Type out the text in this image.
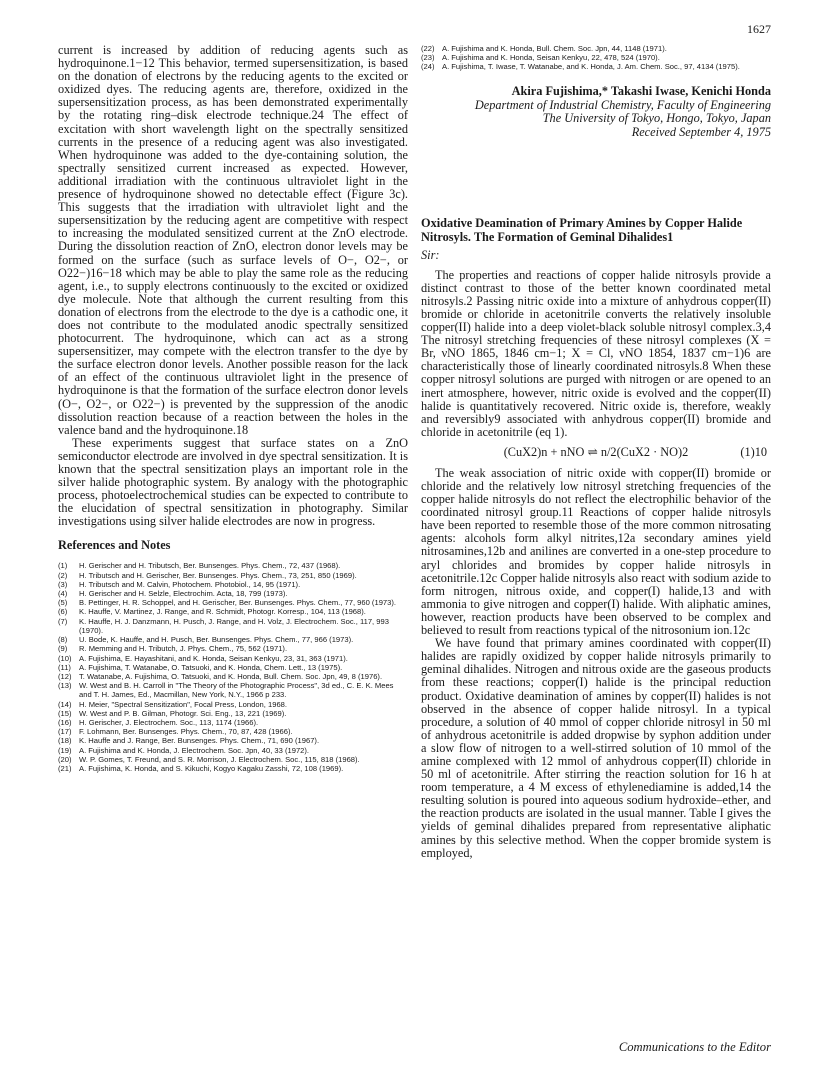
1627

current is increased by addition of reducing agents such as hydroquinone.1−12 This behavior, termed supersensitization, is based on the donation of electrons by the reducing agents to the excited or oxidized dyes. The reducing agents are, therefore, oxidized in the supersensitization process, as has been demonstrated experimentally by the rotating ring–disk electrode technique.24 The effect of excitation with short wavelength light on the spectrally sensitized currents in the presence of a reducing agent was also investigated. When hydroquinone was added to the dye-containing solution, the spectrally sensitized current increased as expected. However, additional irradiation with the continuous ultraviolet light in the presence of hydroquinone showed no detectable effect (Figure 3c). This suggests that the irradiation with ultraviolet light and the supersensitization by the reducing agent are competitive with respect to increasing the modulated sensitized current at the ZnO electrode. During the dissolution reaction of ZnO, electron donor levels may be formed on the surface (such as surface levels of O−, O2−, or O22−)16−18 which may be able to play the same role as the reducing agent, i.e., to supply electrons continuously to the excited or oxidized dye molecule. Note that although the current resulting from this donation of electrons from the electrode to the dye is a cathodic one, it does not contribute to the modulated anodic spectrally sensitized photocurrent. The hydroquinone, which can act as a strong supersensitizer, may compete with the electron transfer to the dye by the surface electron donor levels. Another possible reason for the lack of an effect of the continuous ultraviolet light in the presence of hydroquinone is that the formation of the surface electron donor levels (O−, O2−, or O22−) is prevented by the suppression of the anodic dissolution reaction because of a reaction between the holes in the valence band and the hydroquinone.18

These experiments suggest that surface states on a ZnO semiconductor electrode are involved in dye spectral sensitization. It is known that the spectral sensitization plays an important role in the silver halide photographic system. By analogy with the photographic process, photoelectrochemical studies can be expected to contribute to the elucidation of spectral sensitization in photography. Similar investigations using silver halide electrodes are now in progress.

References and Notes
(1) H. Gerischer and H. Tributsch, Ber. Bunsenges. Phys. Chem., 72, 437 (1968).
(2) H. Tributsch and H. Gerischer, Ber. Bunsenges. Phys. Chem., 73, 251, 850 (1969).
(3) H. Tributsch and M. Calvin, Photochem. Photobiol., 14, 95 (1971).
(4) H. Gerischer and H. Selzle, Electrochim. Acta, 18, 799 (1973).
(5) B. Pettinger, H. R. Schoppel, and H. Gerischer, Ber. Bunsenges. Phys. Chem., 77, 960 (1973).
(6) K. Hauffe, V. Martinez, J. Range, and R. Schmidt, Photogr. Korresp., 104, 113 (1968).
(7) K. Hauffe, H. J. Danzmann, H. Pusch, J. Range, and H. Volz, J. Electrochem. Soc., 117, 993 (1970).
(8) U. Bode, K. Hauffe, and H. Pusch, Ber. Bunsenges. Phys. Chem., 77, 966 (1973).
(9) R. Memming and H. Tributch, J. Phys. Chem., 75, 562 (1971).
(10) A. Fujishima, E. Hayashitani, and K. Honda, Seisan Kenkyu, 23, 31, 363 (1971).
(11) A. Fujishima, T. Watanabe, O. Tatsuoki, and K. Honda, Chem. Lett., 13 (1975).
(12) T. Watanabe, A. Fujishima, O. Tatsuoki, and K. Honda, Bull. Chem. Soc. Jpn, 49, 8 (1976).
(13) W. West and B. H. Carroll in "The Theory of the Photographic Process", 3d ed., C. E. K. Mees and T. H. James, Ed., Macmillan, New York, N.Y., 1966 p 233.
(14) H. Meier, "Spectral Sensitization", Focal Press, London, 1968.
(15) W. West and P. B. Gilman, Photogr. Sci. Eng., 13, 221 (1969).
(16) H. Gerischer, J. Electrochem. Soc., 113, 1174 (1966).
(17) F. Lohmann, Ber. Bunsenges. Phys. Chem., 70, 87, 428 (1966).
(18) K. Hauffe and J. Range, Ber. Bunsenges. Phys. Chem., 71, 690 (1967).
(19) A. Fujishima and K. Honda, J. Electrochem. Soc. Jpn, 40, 33 (1972).
(20) W. P. Gomes, T. Freund, and S. R. Morrison, J. Electrochem. Soc., 115, 818 (1968).
(21) A. Fujishima, K. Honda, and S. Kikuchi, Kogyo Kagaku Zasshi, 72, 108 (1969).
(22) A. Fujishima and K. Honda, Bull. Chem. Soc. Jpn, 44, 1148 (1971).
(23) A. Fujishima and K. Honda, Seisan Kenkyu, 22, 478, 524 (1970).
(24) A. Fujishima, T. Iwase, T. Watanabe, and K. Honda, J. Am. Chem. Soc., 97, 4134 (1975).
Akira Fujishima,* Takashi Iwase, Kenichi Honda
Department of Industrial Chemistry, Faculty of Engineering
The University of Tokyo, Hongo, Tokyo, Japan
Received September 4, 1975

Oxidative Deamination of Primary Amines by Copper Halide Nitrosyls. The Formation of Geminal Dihalides1

Sir:

The properties and reactions of copper halide nitrosyls provide a distinct contrast to those of the better known coordinated metal nitrosyls.2 Passing nitric oxide into a mixture of anhydrous copper(II) bromide or chloride in acetonitrile converts the relatively insoluble copper(II) halide into a deep violet-black soluble nitrosyl complex.3,4 The nitrosyl stretching frequencies of these nitrosyl complexes (X = Br, νNO 1865, 1846 cm−1; X = Cl, νNO 1854, 1837 cm−1)6 are characteristically those of linearly coordinated nitrosyls.8 When these copper nitrosyl solutions are purged with nitrogen or are opened to an inert atmosphere, however, nitric oxide is evolved and the copper(II) halide is quantitatively recovered. Nitric oxide is, therefore, weakly and reversibly9 associated with anhydrous copper(II) bromide and chloride in acetonitrile (eq 1).

(CuX2)n + nNO ⇌ n/2(CuX2 · NO)2	(1)10

The weak association of nitric oxide with copper(II) bromide or chloride and the relatively low nitrosyl stretching frequencies of the copper halide nitrosyls do not reflect the electrophilic behavior of the coordinated nitrosyl group.11 Reactions of copper halide nitrosyls have been reported to resemble those of the more common nitrosating agents: alcohols form alkyl nitrites,12a secondary amines yield nitrosamines,12b and anilines are converted in a one-step procedure to aryl chlorides and bromides by copper halide nitrosyls in acetonitrile.12c Copper halide nitrosyls also react with sodium azide to form nitrogen, nitrous oxide, and copper(I) halide,13 and with ammonia to give nitrogen and copper(I) halide. With aliphatic amines, however, reaction products have been observed to be complex and believed to result from reactions typical of the nitrosonium ion.12c

We have found that primary amines coordinated with copper(II) halides are rapidly oxidized by copper halide nitrosyls primarily to geminal dihalides. Nitrogen and nitrous oxide are the gaseous products from these reactions; copper(I) halide is the principal reduction product. Oxidative deamination of amines by copper(II) halides is not observed in the absence of copper halide nitrosyl. In a typical procedure, a solution of 40 mmol of copper chloride nitrosyl in 50 ml of anhydrous acetonitrile is added dropwise by syphon addition under a slow flow of nitrogen to a well-stirred solution of 10 mmol of the amine complexed with 12 mmol of anhydrous copper(II) chloride in 50 ml of acetonitrile. After stirring the reaction solution for 16 h at room temperature, a 4 M excess of ethylenediamine is added,14 the resulting solution is poured into aqueous sodium hydroxide–ether, and the reaction products are isolated in the usual manner. Table I gives the yields of geminal dihalides prepared from representative aliphatic amines by this selective method. When the copper bromide system is employed,

Communications to the Editor
